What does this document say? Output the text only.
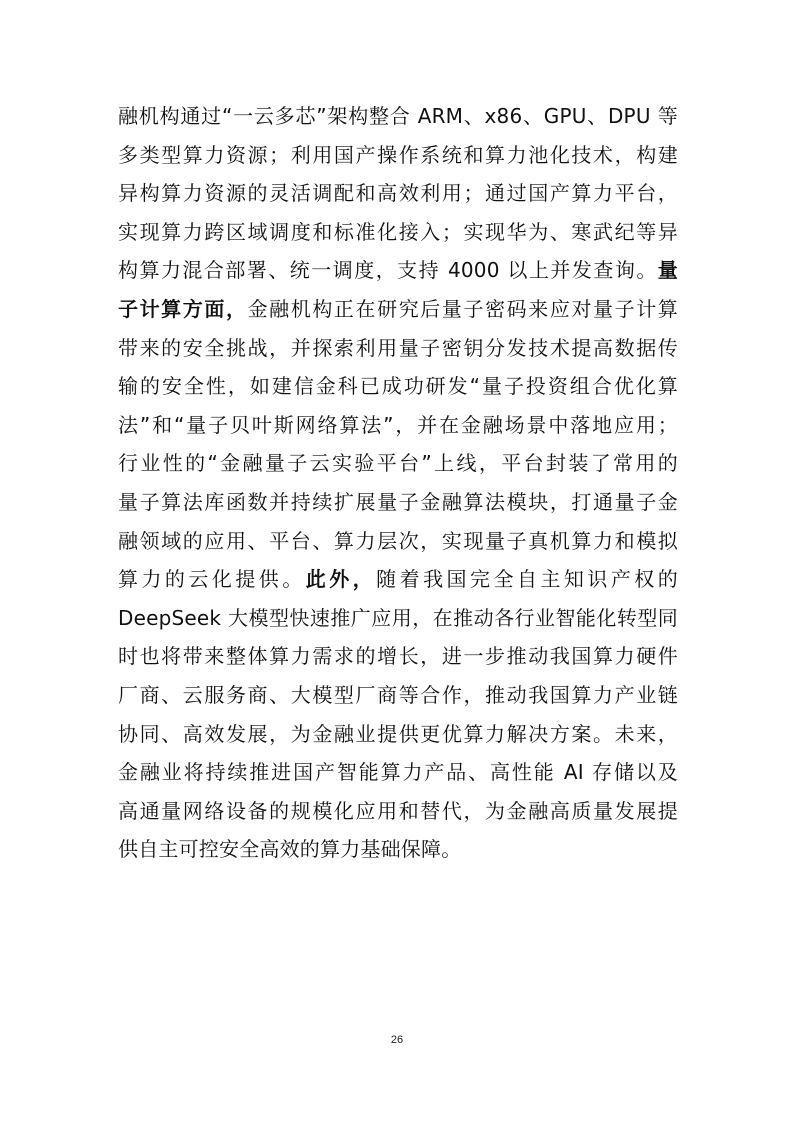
融机构通过“一云多芯”架构整合 ARM、x86、GPU、DPU 等
多类型算力资源；利用国产操作系统和算力池化技术，构建
异构算力资源的灵活调配和高效利用；通过国产算力平台，
实现算力跨区域调度和标准化接入；实现华为、寒武纪等异
构算力混合部署、统一调度，支持 4000 以上并发查询。量
子计算方面，金融机构正在研究后量子密码来应对量子计算
带来的安全挑战，并探索利用量子密钥分发技术提高数据传
输的安全性，如建信金科已成功研发“量子投资组合优化算
法”和“量子贝叶斯网络算法”，并在金融场景中落地应用；
行业性的“金融量子云实验平台”上线，平台封装了常用的
量子算法库函数并持续扩展量子金融算法模块，打通量子金
融领域的应用、平台、算力层次，实现量子真机算力和模拟
算力的云化提供。此外，随着我国完全自主知识产权的
DeepSeek 大模型快速推广应用，在推动各行业智能化转型同
时也将带来整体算力需求的增长，进一步推动我国算力硬件
厂商、云服务商、大模型厂商等合作，推动我国算力产业链
协同、高效发展，为金融业提供更优算力解决方案。未来，
金融业将持续推进国产智能算力产品、高性能 AI 存储以及
高通量网络设备的规模化应用和替代，为金融高质量发展提
供自主可控安全高效的算力基础保障。
26
